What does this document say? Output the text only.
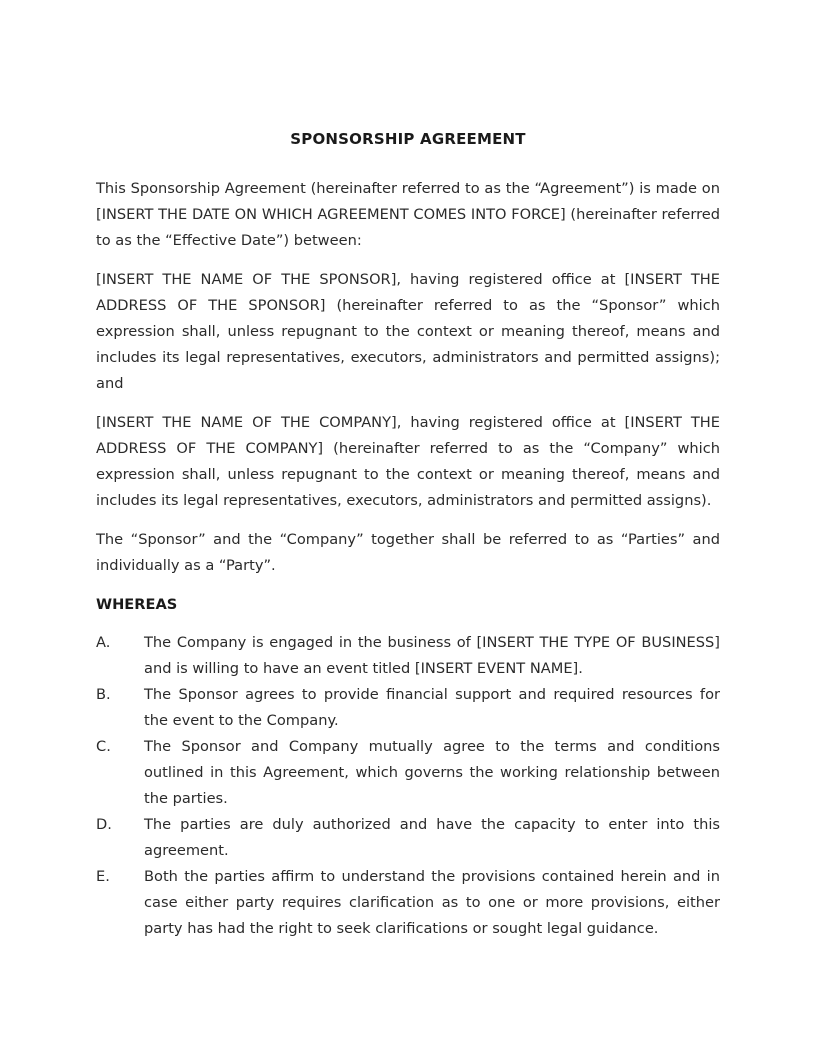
SPONSORSHIP AGREEMENT

This Sponsorship Agreement (hereinafter referred to as the “Agreement”) is made on [INSERT THE DATE ON WHICH AGREEMENT COMES INTO FORCE] (hereinafter referred to as the “Effective Date”) between:

[INSERT THE NAME OF THE SPONSOR], having registered office at [INSERT THE ADDRESS OF THE SPONSOR] (hereinafter referred to as the “Sponsor” which expression shall, unless repugnant to the context or meaning thereof, means and includes its legal representatives, executors, administrators and permitted assigns); and

[INSERT THE NAME OF THE COMPANY], having registered office at [INSERT THE ADDRESS OF THE COMPANY] (hereinafter referred to as the “Company” which expression shall, unless repugnant to the context or meaning thereof, means and includes its legal representatives, executors, administrators and permitted assigns).

The “Sponsor” and the “Company” together shall be referred to as “Parties” and individually as a “Party”.

WHEREAS
A.	The Company is engaged in the business of [INSERT THE TYPE OF BUSINESS] and is willing to have an event titled [INSERT EVENT NAME].
B.	The Sponsor agrees to provide financial support and required resources for the event to the Company.
C.	The Sponsor and Company mutually agree to the terms and conditions outlined in this Agreement, which governs the working relationship between the parties.
D.	The parties are duly authorized and have the capacity to enter into this agreement.
E.	Both the parties affirm to understand the provisions contained herein and in case either party requires clarification as to one or more provisions, either party has had the right to seek clarifications or sought legal guidance.
